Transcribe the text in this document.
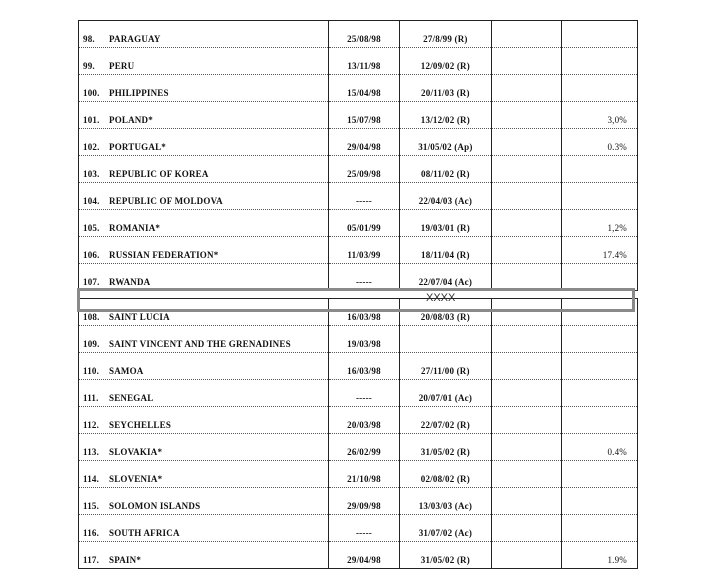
98. PARAGUAY	25/08/98	27/8/99 (R)		
99. PERU	13/11/98	12/09/02 (R)		
100. PHILIPPINES	15/04/98	20/11/03 (R)		
101. POLAND*	15/07/98	13/12/02 (R)		3,0%
102. PORTUGAL*	29/04/98	31/05/02 (Ap)		0.3%
103. REPUBLIC OF KOREA	25/09/98	08/11/02 (R)		
104. REPUBLIC OF MOLDOVA	-----	22/04/03 (Ac)		
105. ROMANIA*	05/01/99	19/03/01 (R)		1,2%
106. RUSSIAN FEDERATION*	11/03/99	18/11/04 (R)		17.4%
107. RWANDA	-----	22/07/04 (Ac)		

108. SAINT LUCIA	16/03/98	20/08/03 (R)		
109. SAINT VINCENT AND THE GRENADINES	19/03/98			
110. SAMOA	16/03/98	27/11/00 (R)		
111. SENEGAL	-----	20/07/01 (Ac)		
112. SEYCHELLES	20/03/98	22/07/02 (R)		
113. SLOVAKIA*	26/02/99	31/05/02 (R)		0.4%
114. SLOVENIA*	21/10/98	02/08/02 (R)		
115. SOLOMON ISLANDS	29/09/98	13/03/03 (Ac)		
116. SOUTH AFRICA	-----	31/07/02 (Ac)		
117. SPAIN*	29/04/98	31/05/02 (R)		1.9%
XXXX
